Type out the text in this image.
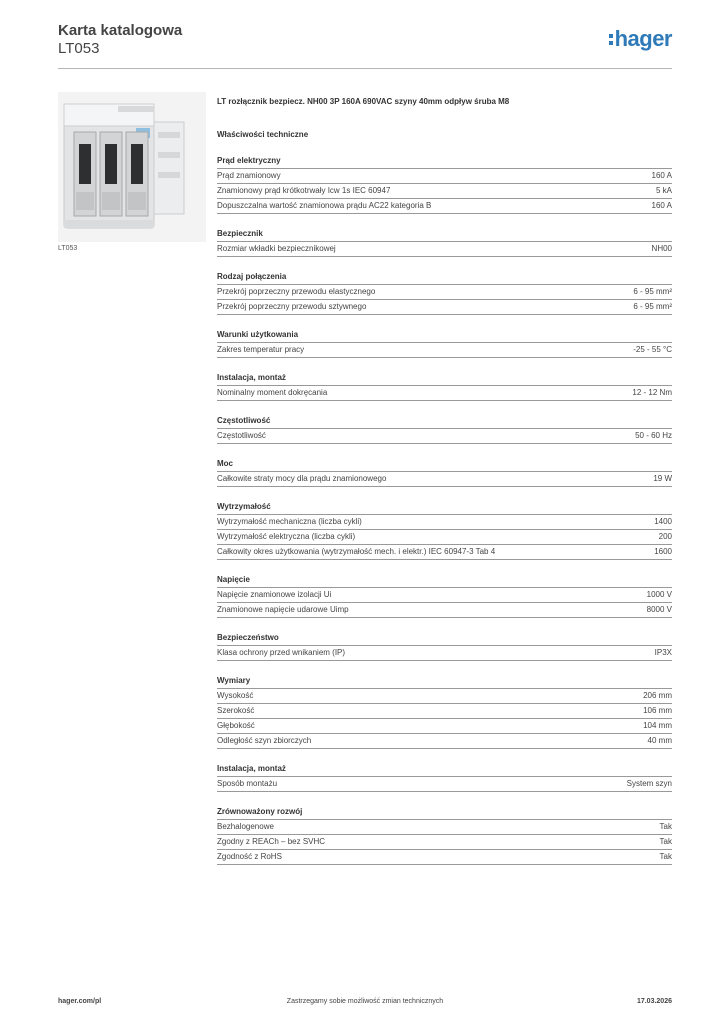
Karta katalogowa
LT053	hager
LT053
LT rozłącznik bezpiecz. NH00 3P 160A 690VAC szyny 40mm odpływ śruba M8
Właściwości techniczne
Prąd elektryczny
Prąd znamionowy	160 A
Znamionowy prąd krótkotrwały Icw 1s IEC 60947	5 kA
Dopuszczalna wartość znamionowa prądu AC22 kategoria B	160 A
Bezpiecznik
Rozmiar wkładki bezpiecznikowej	NH00
Rodzaj połączenia
Przekrój poprzeczny przewodu elastycznego	6 - 95 mm²
Przekrój poprzeczny przewodu sztywnego	6 - 95 mm²
Warunki użytkowania
Zakres temperatur pracy	-25 - 55 °C
Instalacja, montaż
Nominalny moment dokręcania	12 - 12 Nm
Częstotliwość
Częstotliwość	50 - 60 Hz
Moc
Całkowite straty mocy dla prądu znamionowego	19 W
Wytrzymałość
Wytrzymałość mechaniczna (liczba cykli)	1400
Wytrzymałość elektryczna (liczba cykli)	200
Całkowity okres użytkowania (wytrzymałość mech. i elektr.) IEC 60947-3 Tab 4	1600
Napięcie
Napięcie znamionowe izolacji Ui	1000 V
Znamionowe napięcie udarowe Uimp	8000 V
Bezpieczeństwo
Klasa ochrony przed wnikaniem (IP)	IP3X
Wymiary
Wysokość	206 mm
Szerokość	106 mm
Głębokość	104 mm
Odległość szyn zbiorczych	40 mm
Instalacja, montaż
Sposób montażu	System szyn
Zrównoważony rozwój
Bezhalogenowe	Tak
Zgodny z REACh – bez SVHC	Tak
Zgodność z RoHS	Tak
hager.com/pl	Zastrzegamy sobie możliwość zmian technicznych	17.03.2026
